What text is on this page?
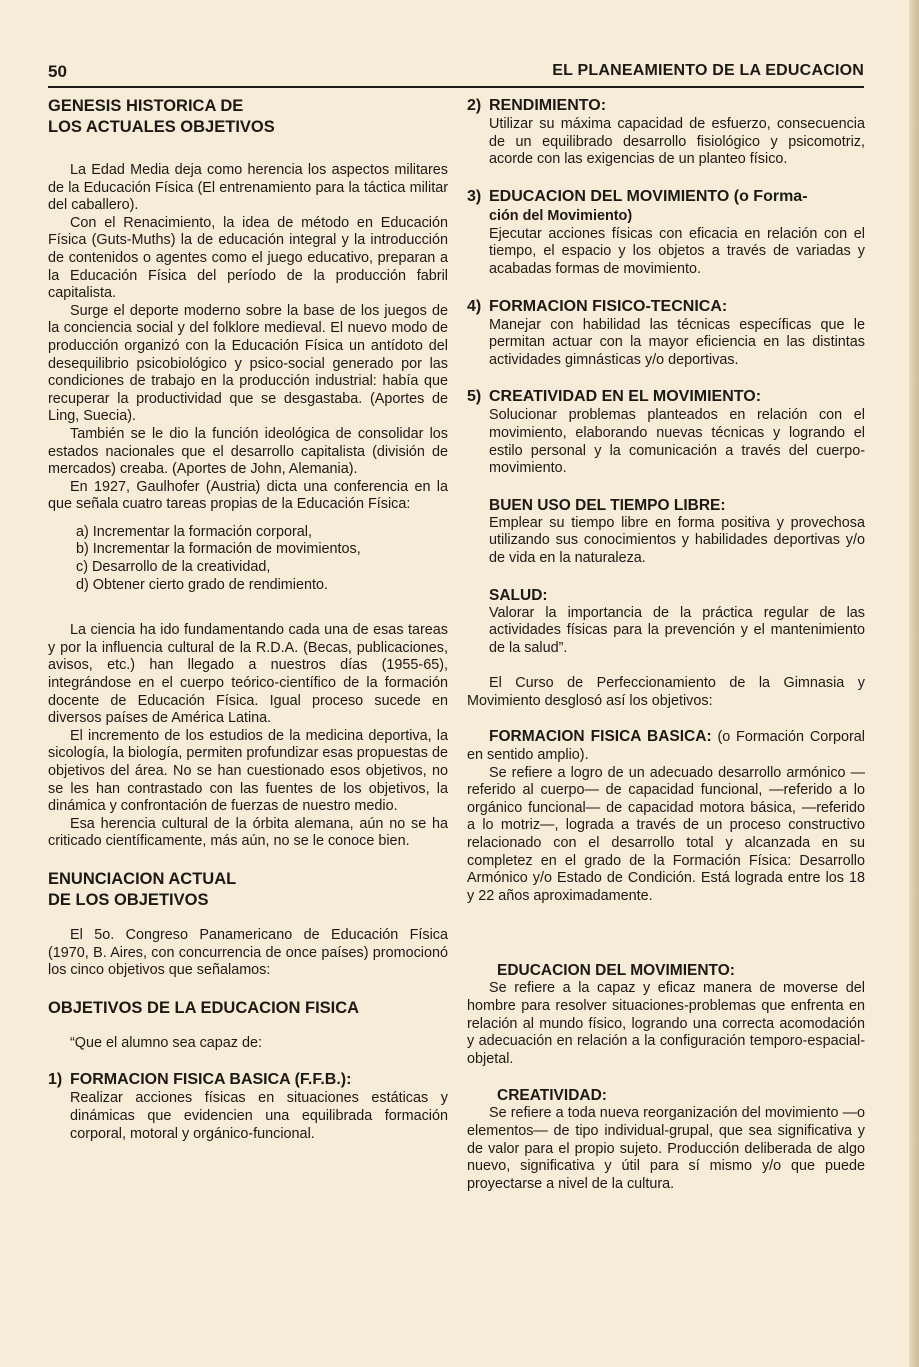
50	EL PLANEAMIENTO DE LA EDUCACION
GENESIS HISTORICA DE
LOS ACTUALES OBJETIVOS

La Edad Media deja como herencia los aspectos militares de la Educación Física (El entrenamiento para la táctica militar del caballero).

Con el Renacimiento, la idea de método en Educación Física (Guts-Muths) la de educación integral y la introducción de contenidos o agentes como el juego educativo, preparan a la Educación Física del período de la producción fabril capitalista.

Surge el deporte moderno sobre la base de los juegos de la conciencia social y del folklore medieval. El nuevo modo de producción organizó con la Educación Física un antídoto del desequilibrio psicobiológico y psico-social generado por las condiciones de trabajo en la producción industrial: había que recuperar la productividad que se desgastaba. (Aportes de Ling, Suecia).

También se le dio la función ideológica de consolidar los estados nacionales que el desarrollo capitalista (división de mercados) creaba. (Aportes de John, Alemania).

En 1927, Gaulhofer (Austria) dicta una conferencia en la que señala cuatro tareas propias de la Educación Física:

a) Incrementar la formación corporal,
b) Incrementar la formación de movimientos,
c) Desarrollo de la creatividad,
d) Obtener cierto grado de rendimiento.

La ciencia ha ido fundamentando cada una de esas tareas y por la influencia cultural de la R.D.A. (Becas, publicaciones, avisos, etc.) han llegado a nuestros días (1955-65), integrándose en el cuerpo teórico-científico de la formación docente de Educación Física. Igual proceso sucede en diversos países de América Latina.

El incremento de los estudios de la medicina deportiva, la sicología, la biología, permiten profundizar esas propuestas de objetivos del área. No se han cuestionado esos objetivos, no se les han contrastado con las fuentes de los objetivos, la dinámica y confrontación de fuerzas de nuestro medio.

Esa herencia cultural de la órbita alemana, aún no se ha criticado científicamente, más aún, no se le conoce bien.

ENUNCIACION ACTUAL
DE LOS OBJETIVOS

El 5o. Congreso Panamericano de Educación Física (1970, B. Aires, con concurrencia de once países) promocionó los cinco objetivos que señalamos:

OBJETIVOS DE LA EDUCACION FISICA

“Que el alumno sea capaz de:

1) FORMACION FISICA BASICA (F.F.B.):
Realizar acciones físicas en situaciones estáticas y dinámicas que evidencien una equilibrada formación corporal, motoral y orgánico-funcional.
2) RENDIMIENTO:
Utilizar su máxima capacidad de esfuerzo, consecuencia de un equilibrado desarrollo fisiológico y psicomotriz, acorde con las exigencias de un planteo físico.
3) EDUCACION DEL MOVIMIENTO (o Forma-
ción del Movimiento)
Ejecutar acciones físicas con eficacia en relación con el tiempo, el espacio y los objetos a través de variadas y acabadas formas de movimiento.
4) FORMACION FISICO-TECNICA:
Manejar con habilidad las técnicas específicas que le permitan actuar con la mayor eficiencia en las distintas actividades gimnásticas y/o deportivas.
5) CREATIVIDAD EN EL MOVIMIENTO:
Solucionar problemas planteados en relación con el movimiento, elaborando nuevas técnicas y logrando el estilo personal y la comunicación a través del cuerpo-movimiento.
BUEN USO DEL TIEMPO LIBRE:
Emplear su tiempo libre en forma positiva y provechosa utilizando sus conocimientos y habilidades deportivas y/o de vida en la naturaleza.
SALUD:
Valorar la importancia de la práctica regular de las actividades físicas para la prevención y el mantenimiento de la salud”.

El Curso de Perfeccionamiento de la Gimnasia y Movimiento desglosó así los objetivos:

FORMACION FISICA BASICA: (o Formación Corporal en sentido amplio).

Se refiere a logro de un adecuado desarrollo armónico —referido al cuerpo— de capacidad funcional, —referido a lo orgánico funcional— de capacidad motora básica, —referido a lo motriz—, lograda a través de un proceso constructivo relacionado con el desarrollo total y alcanzada en su completez en el grado de la Formación Física: Desarrollo Armónico y/o Estado de Condición. Está lograda entre los 18 y 22 años aproximadamente.

EDUCACION DEL MOVIMIENTO:

Se refiere a la capaz y eficaz manera de moverse del hombre para resolver situaciones-problemas que enfrenta en relación al mundo físico, logrando una correcta acomodación y adecuación en relación a la configuración temporo-espacial-objetal.

CREATIVIDAD:

Se refiere a toda nueva reorganización del movimiento —o elementos— de tipo individual-grupal, que sea significativa y de valor para el propio sujeto. Producción deliberada de algo nuevo, significativa y útil para sí mismo y/o que puede proyectarse a nivel de la cultura.
